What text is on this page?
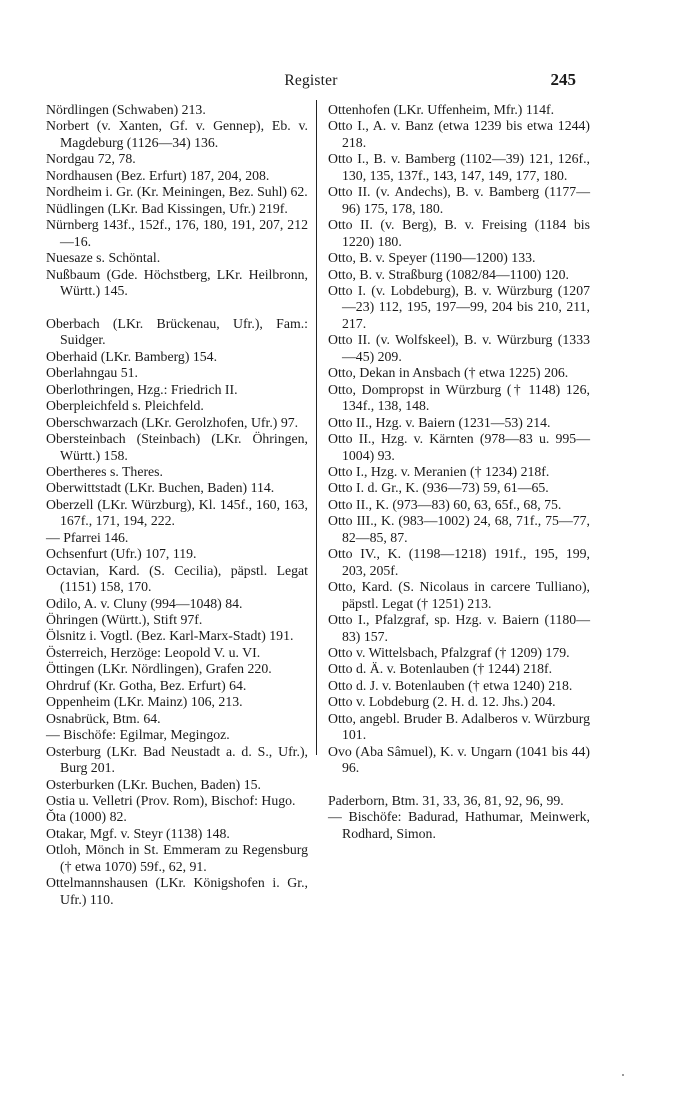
Register	245

Nördlingen (Schwaben) 213.

Norbert (v. Xanten, Gf. v. Gennep), Eb. v. Magdeburg (1126—34) 136.

Nordgau 72, 78.

Nordhausen (Bez. Erfurt) 187, 204, 208.

Nordheim i. Gr. (Kr. Meiningen, Bez. Suhl) 62.

Nüdlingen (LKr. Bad Kissingen, Ufr.) 219f.

Nürnberg 143f., 152f., 176, 180, 191, 207, 212—16.

Nuesaze s. Schöntal.

Nußbaum (Gde. Höchstberg, LKr. Heilbronn, Württ.) 145.

Oberbach (LKr. Brückenau, Ufr.), Fam.: Suidger.

Oberhaid (LKr. Bamberg) 154.

Oberlahngau 51.

Oberlothringen, Hzg.: Friedrich II.

Oberpleichfeld s. Pleichfeld.

Oberschwarzach (LKr. Gerolzhofen, Ufr.) 97.

Obersteinbach (Steinbach) (LKr. Öhringen, Württ.) 158.

Obertheres s. Theres.

Oberwittstadt (LKr. Buchen, Baden) 114.

Oberzell (LKr. Würzburg), Kl. 145f., 160, 163, 167f., 171, 194, 222.

— Pfarrei 146.

Ochsenfurt (Ufr.) 107, 119.

Octavian, Kard. (S. Cecilia), päpstl. Legat (1151) 158, 170.

Odilo, A. v. Cluny (994—1048) 84.

Öhringen (Württ.), Stift 97f.

Ölsnitz i. Vogtl. (Bez. Karl-Marx-Stadt) 191.

Österreich, Herzöge: Leopold V. u. VI.

Öttingen (LKr. Nördlingen), Grafen 220.

Ohrdruf (Kr. Gotha, Bez. Erfurt) 64.

Oppenheim (LKr. Mainz) 106, 213.

Osnabrück, Btm. 64.

— Bischöfe: Egilmar, Megingoz.

Osterburg (LKr. Bad Neustadt a. d. S., Ufr.), Burg 201.

Osterburken (LKr. Buchen, Baden) 15.

Ostia u. Velletri (Prov. Rom), Bischof: Hugo.

Ǒta (1000) 82.

Otakar, Mgf. v. Steyr (1138) 148.

Otloh, Mönch in St. Emmeram zu Regensburg († etwa 1070) 59f., 62, 91.

Ottelmannshausen (LKr. Königshofen i. Gr., Ufr.) 110.

Ottenhofen (LKr. Uffenheim, Mfr.) 114f.

Otto I., A. v. Banz (etwa 1239 bis etwa 1244) 218.

Otto I., B. v. Bamberg (1102—39) 121, 126f., 130, 135, 137f., 143, 147, 149, 177, 180.

Otto II. (v. Andechs), B. v. Bamberg (1177—96) 175, 178, 180.

Otto II. (v. Berg), B. v. Freising (1184 bis 1220) 180.

Otto, B. v. Speyer (1190—1200) 133.

Otto, B. v. Straßburg (1082/84—1100) 120.

Otto I. (v. Lobdeburg), B. v. Würzburg (1207—23) 112, 195, 197—99, 204 bis 210, 211, 217.

Otto II. (v. Wolfskeel), B. v. Würzburg (1333—45) 209.

Otto, Dekan in Ansbach († etwa 1225) 206.

Otto, Dompropst in Würzburg († 1148) 126, 134f., 138, 148.

Otto II., Hzg. v. Baiern (1231—53) 214.

Otto II., Hzg. v. Kärnten (978—83 u. 995—1004) 93.

Otto I., Hzg. v. Meranien († 1234) 218f.

Otto I. d. Gr., K. (936—73) 59, 61—65.

Otto II., K. (973—83) 60, 63, 65f., 68, 75.

Otto III., K. (983—1002) 24, 68, 71f., 75—77, 82—85, 87.

Otto IV., K. (1198—1218) 191f., 195, 199, 203, 205f.

Otto, Kard. (S. Nicolaus in carcere Tulliano), päpstl. Legat († 1251) 213.

Otto I., Pfalzgraf, sp. Hzg. v. Baiern (1180—83) 157.

Otto v. Wittelsbach, Pfalzgraf († 1209) 179.

Otto d. Ä. v. Botenlauben († 1244) 218f.

Otto d. J. v. Botenlauben († etwa 1240) 218.

Otto v. Lobdeburg (2. H. d. 12. Jhs.) 204.

Otto, angebl. Bruder B. Adalberos v. Würzburg 101.

Ovo (Aba Sâmuel), K. v. Ungarn (1041 bis 44) 96.

Paderborn, Btm. 31, 33, 36, 81, 92, 96, 99.

— Bischöfe: Badurad, Hathumar, Meinwerk, Rodhard, Simon.
